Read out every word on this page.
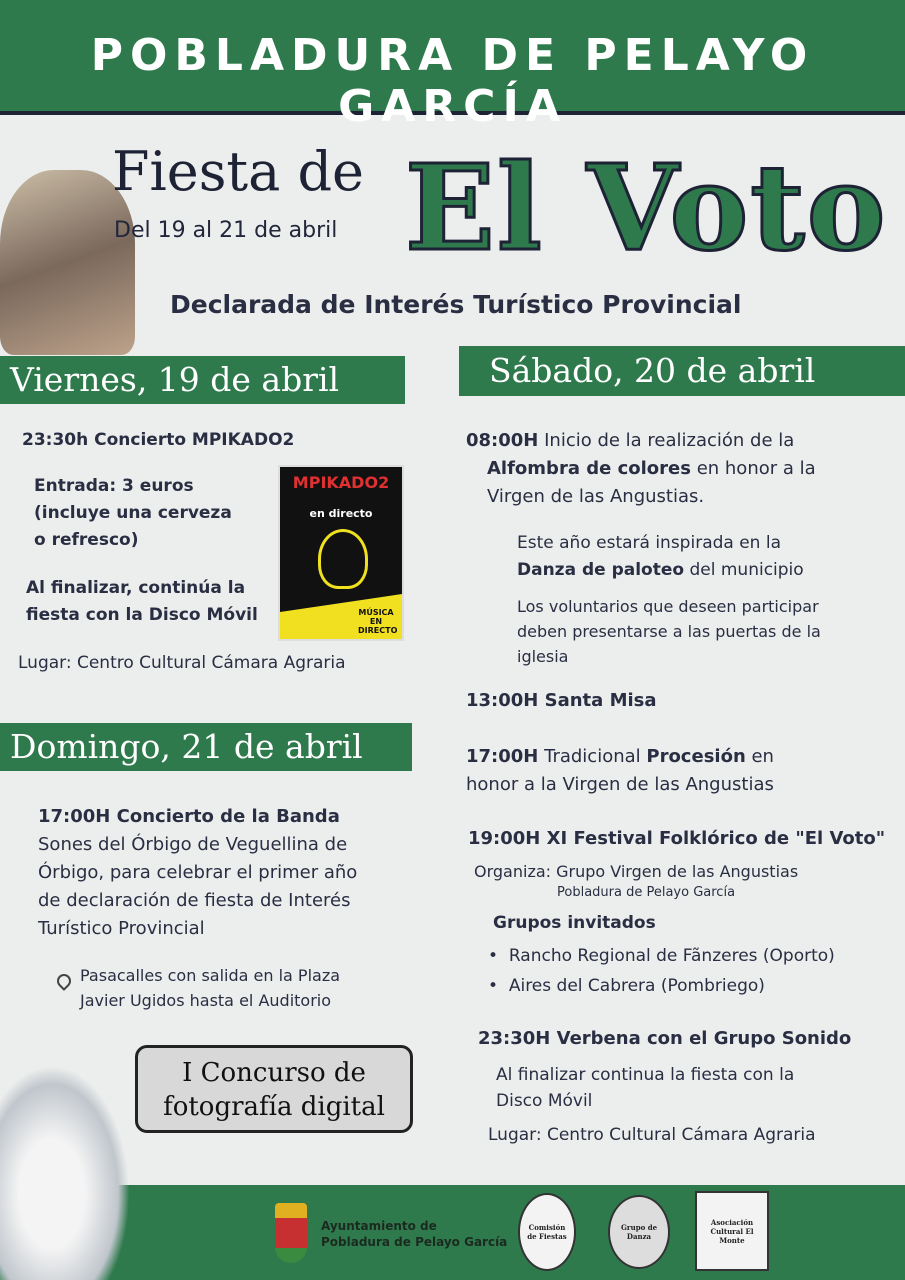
POBLADURA DE PELAYO GARCÍA
Fiesta de
Del 19 al 21 de abril El Voto
Declarada de Interés Turístico Provincial
Viernes, 19 de abril
23:30h Concierto MPIKADO2
Entrada: 3 euros
(incluye una cerveza
o refresco)
Al finalizar, continúa la
fiesta con la Disco Móvil
Lugar: Centro Cultural Cámara Agraria
MPIKADO2
en directo
MÚSICA EN DIRECTO
Domingo, 21 de abril
17:00H Concierto de la Banda
Sones del Órbigo de Veguellina de
Órbigo, para celebrar el primer año
de declaración de fiesta de Interés
Turístico Provincial
Pasacalles con salida en la Plaza
Javier Ugidos hasta el Auditorio
I Concurso de
fotografía digital
Sábado, 20 de abril
08:00H Inicio de la realización de la
Alfombra de colores en honor a la
Virgen de las Angustias.
Este año estará inspirada en la
Danza de paloteo del municipio
Los voluntarios que deseen participar
deben presentarse a las puertas de la
iglesia
13:00H Santa Misa
17:00H Tradicional Procesión en
honor a la Virgen de las Angustias
19:00H XI Festival Folklórico de "El Voto"
Organiza: Grupo Virgen de las Angustias
Pobladura de Pelayo García
Grupos invitados
•  Rancho Regional de Fãnzeres (Oporto)
•  Aires del Cabrera (Pombriego)
23:30H Verbena con el Grupo Sonido
Al finalizar continua la fiesta con la
Disco Móvil
Lugar: Centro Cultural Cámara Agraria
Ayuntamiento de
Pobladura de Pelayo García
Comisión de Fiestas
Grupo de Danza
Asociación Cultural El Monte
